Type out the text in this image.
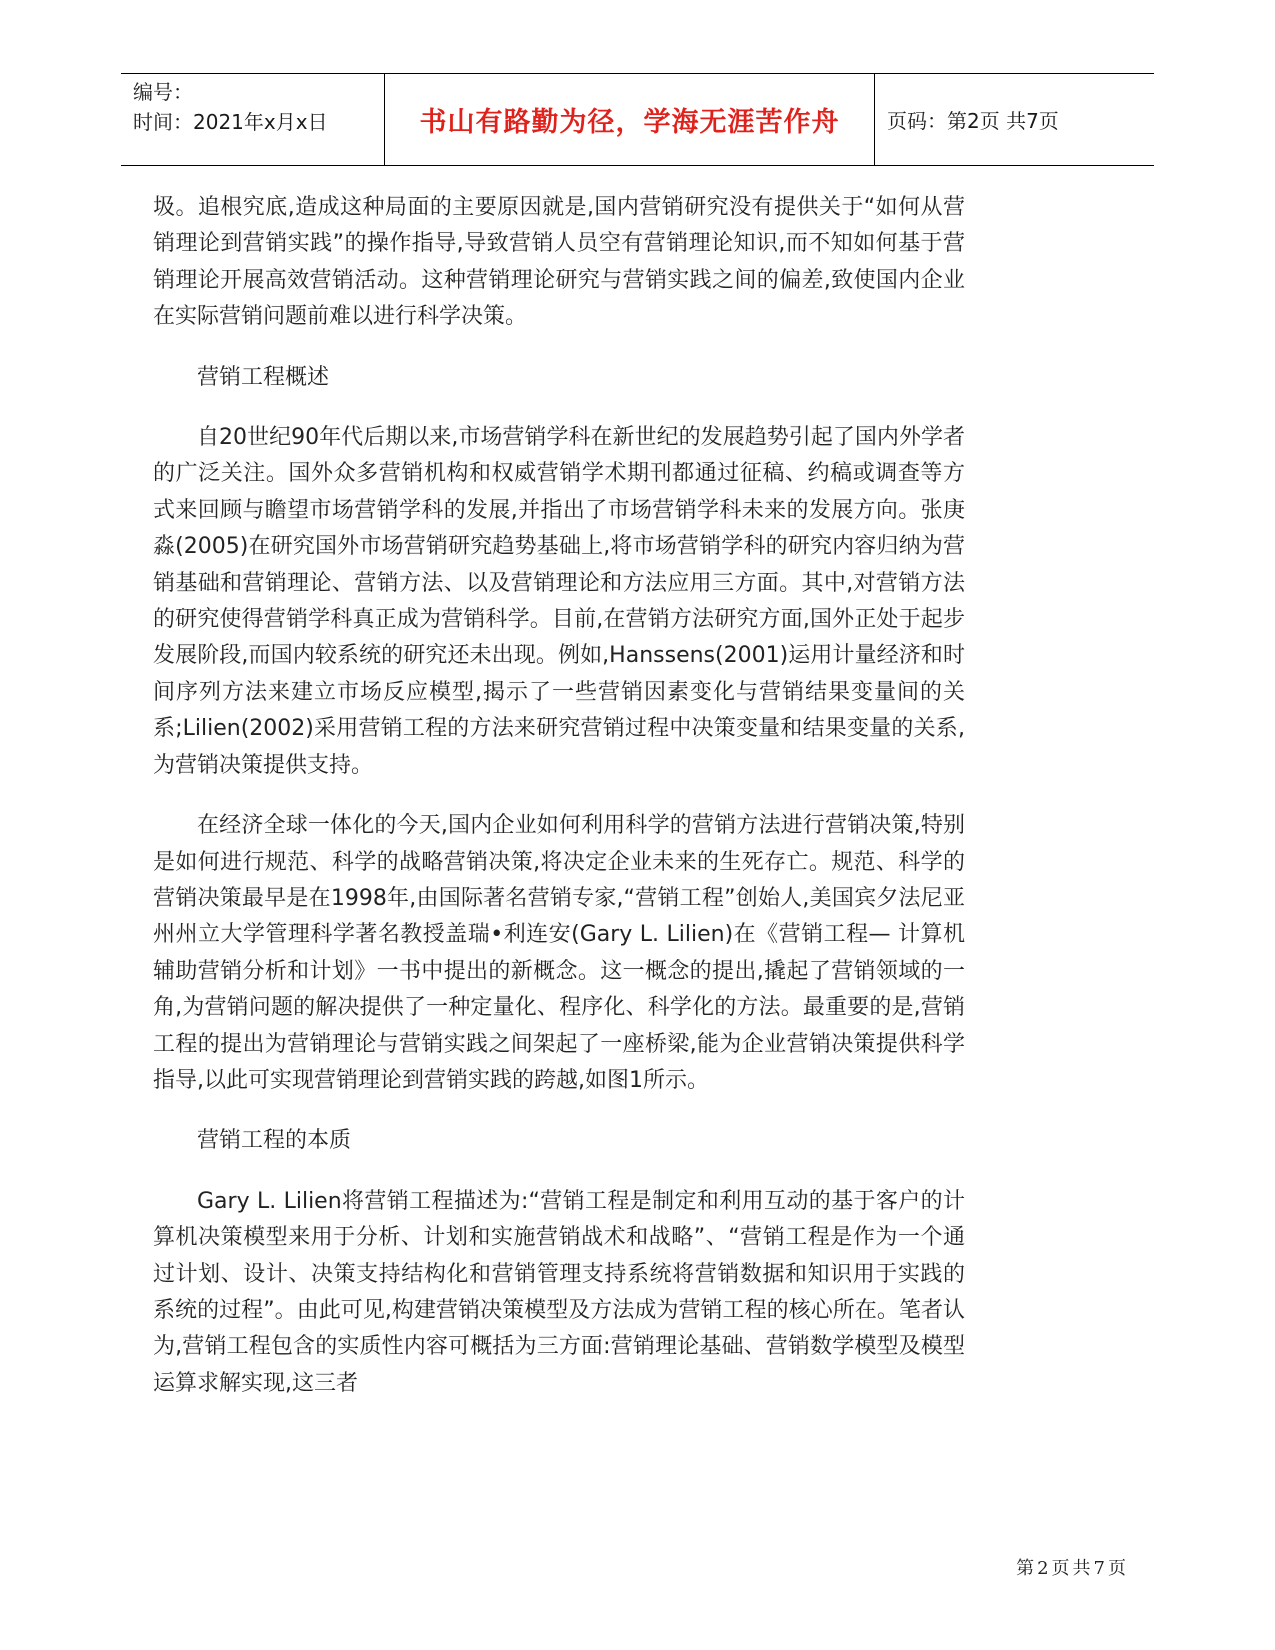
编号：
时间：2021年x月x日	书山有路勤为径，学海无涯苦作舟 页码：第2页 共7页

圾。追根究底,造成这种局面的主要原因就是,国内营销研究没有提供关于“如何从营销理论到营销实践”的操作指导,导致营销人员空有营销理论知识,而不知如何基于营销理论开展高效营销活动。这种营销理论研究与营销实践之间的偏差,致使国内企业在实际营销问题前难以进行科学决策。

营销工程概述

自20世纪90年代后期以来,市场营销学科在新世纪的发展趋势引起了国内外学者的广泛关注。国外众多营销机构和权威营销学术期刊都通过征稿、约稿或调查等方式来回顾与瞻望市场营销学科的发展,并指出了市场营销学科未来的发展方向。张庚淼(2005)在研究国外市场营销研究趋势基础上,将市场营销学科的研究内容归纳为营销基础和营销理论、营销方法、以及营销理论和方法应用三方面。其中,对营销方法的研究使得营销学科真正成为营销科学。目前,在营销方法研究方面,国外正处于起步发展阶段,而国内较系统的研究还未出现。例如,Hanssens(2001)运用计量经济和时间序列方法来建立市场反应模型,揭示了一些营销因素变化与营销结果变量间的关系;Lilien(2002)采用营销工程的方法来研究营销过程中决策变量和结果变量的关系,为营销决策提供支持。

在经济全球一体化的今天,国内企业如何利用科学的营销方法进行营销决策,特别是如何进行规范、科学的战略营销决策,将决定企业未来的生死存亡。规范、科学的营销决策最早是在1998年,由国际著名营销专家,“营销工程”创始人,美国宾夕法尼亚州州立大学管理科学著名教授盖瑞•利连安(Gary L. Lilien)在《营销工程— 计算机辅助营销分析和计划》一书中提出的新概念。这一概念的提出,撬起了营销领域的一角,为营销问题的解决提供了一种定量化、程序化、科学化的方法。最重要的是,营销工程的提出为营销理论与营销实践之间架起了一座桥梁,能为企业营销决策提供科学指导,以此可实现营销理论到营销实践的跨越,如图1所示。

营销工程的本质

Gary L. Lilien将营销工程描述为:“营销工程是制定和利用互动的基于客户的计算机决策模型来用于分析、计划和实施营销战术和战略”、“营销工程是作为一个通过计划、设计、决策支持结构化和营销管理支持系统将营销数据和知识用于实践的系统的过程”。由此可见,构建营销决策模型及方法成为营销工程的核心所在。笔者认为,营销工程包含的实质性内容可概括为三方面:营销理论基础、营销数学模型及模型运算求解实现,这三者

第2页共7页
